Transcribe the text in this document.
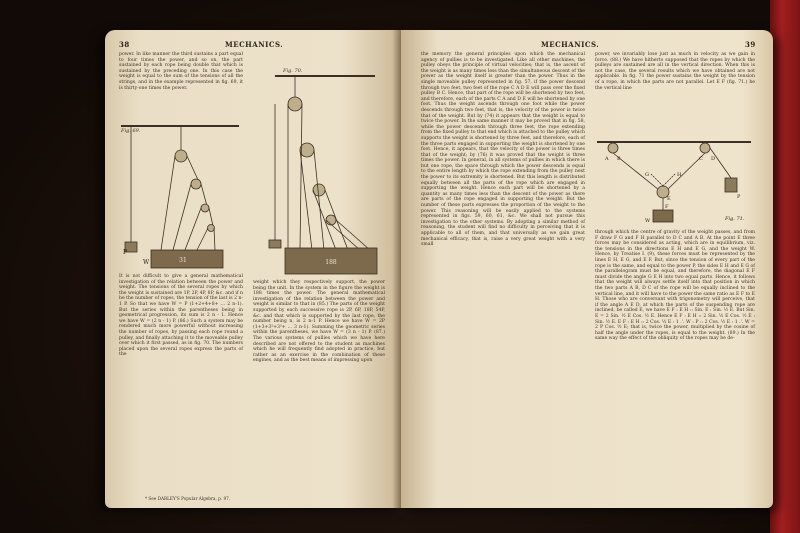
38	MECHANICS.

power. In like manner the third sustains a part equal to four times the power, and so on, the part sustained by each rope being double that which is sustained by the preceding one. In this case the weight is equal to the sum of the tensions of all the strings, and in the example represented in fig. 69, it is thirty-one times the power.

Fig. 69.
Fig. 70.
31
P
W	188

It is not difficult to give a general mathematical investigation of the relation between the power and weight. The tensions of the several ropes by which the weight is sustained are 1P, 2P, 4P, 8P, &c. and if n be the number of ropes, the tension of the last is 2 n-1 P. So that we have W = P (1+2+4+8+ ... 2 n-1). But the series within the parentheses being in geometrical progression, its sum is 2 n - 1. Hence we have W = (2 n - 1) P. (86.) Such a system may be rendered much more powerful without increasing the number of ropes, by passing each rope round a pulley, and finally attaching it to the moveable pulley over which it first passed, as in fig. 70. The numbers placed upon the several ropes express the parts of the

weight which they respectively support, the power being the unit. In the system in the figure the weight is 188 times the power. The general mathematical investigation of the relation between the power and weight is similar to that in (85.) The parts of the weight supported by each successive rope is 2P, 6P, 18P, 54P, &c. and that which is supported by the last rope, the number being n, is 2 n-1 P. Hence we have W = 2P (1+3+3²+3³+ ... 3 n-1). Summing the geometric series within the parentheses, we have W = (3 n - 1) P. (87.) The various systems of pullies which we have here described are not offered to the student as machines which he will frequently find adopted in practice, but rather as an exercise in the combination of these engines, and as the best means of impressing upon

* See DARLEY'S Popular Algebra, p. 97.
MECHANICS.	39

the memory the general principles upon which the mechanical agency of pullies is to be investigated. Like all other machines, the pulley obeys the principle of virtual velocities; that is, the ascent of the weight is as many times less than the simultaneous descent of the power as the weight itself is greater than the power. Thus in the single moveable pulley represented in fig. 57, if the power descend through two feet, two feet of the rope C A D E will pass over the fixed pulley B C. Hence, that part of the rope will be shortened by two feet, and therefore, each of the parts C A and D E will be shortened by one foot. Thus the weight ascends through one foot while the power descends through two feet, that is, the velocity of the power is twice that of the weight. But by (74) it appears that the weight is equal to twice the power. In the same manner it may be proved that in fig. 58, while the power descends through three feet, the rope extending from the fixed pulley to that end which is attached to the pulley which supports the weight is shortened by three feet, and therefore, each of the three parts engaged in supporting the weight is shortened by one foot. Hence, it appears, that the velocity of the power is three times that of the weight; by (76) it was proved that the weight is three times the power. In general, in all systems of pullies in which there is but one rope, the space through which the power descends is equal to the entire length by which the rope extending from the pulley next the power to its extremity is shortened. But this length is distributed equally between all the parts of the rope which are engaged in supporting the weight. Hence each part will be shortened by a quantity as many times less than the descent of the power as there are parts of the rope engaged in supporting the weight. But the number of these parts expresses the proportion of the weight to the power. This reasoning will be easily applied to the systems represented in figs. 59, 60, 61, &c. We shall not pursue this investigation to the other systems. By adopting a similar method of reasoning, the student will find no difficulty in perceiving that it is applicable to all of them, and that universally as we gain great mechanical efficacy, that is, raise a very great weight with a very small

power, we invariably lose just as much in velocity as we gain in force. (88.) We have hitherto supposed that the ropes by which the pulleys are sustained are all in the vertical direction. When this is not the case, the several results which we have obtained are not applicable. In fig. 71 the power sustains the weight by the tension of a rope, in which the parts are not parallel. Let E F (fig. 71.) be the vertical line

A B	C D
E
F
G	H
P
W	Fig. 71.

through which the centre of gravity of the weight passes, and from F draw F G and F H parallel to D C and A B. At the point E three forces may be considered as acting, which are in equilibrium, viz. the tensions in the directions E H and E G, and the weight W. Hence, by Treatise I. (9), these forces must be represented by the lines E H, E G, and E F. But, since the tension of every part of the rope is the same, and equal to the power P, the sides E H and E G of the parallelogram must be equal, and therefore, the diagonal E F must divide the angle G E H into two equal parts. Hence, it follows that the weight will always settle itself into that position in which the two parts A B, D C of the rope will be equally inclined to the vertical line, and it will have to the power the same ratio as E F to E H. Those who are conversant with trigonometry will perceive, that if the angle A E D, at which the parts of the suspending rope are inclined, be called E, we have E F : E H :: Sin. E : Sin. ½ E. But Sin. E = 2 Sin. ½ E Cos. ½ E. Hence E F : E H :: 2 Sin. ½ E Cos. ½ E : Sin. ½ E. E F : E H :: 2 Cos. ½ E : 1 .'. W : P :: 2 Cos. ½ E : 1 .'. W = 2 P Cos. ½ E; that is, twice the power, multiplied by the cosine of half the angle under the ropes, is equal to the weight. (89.) In the same way the effect of the obliquity of the ropes may be de-
